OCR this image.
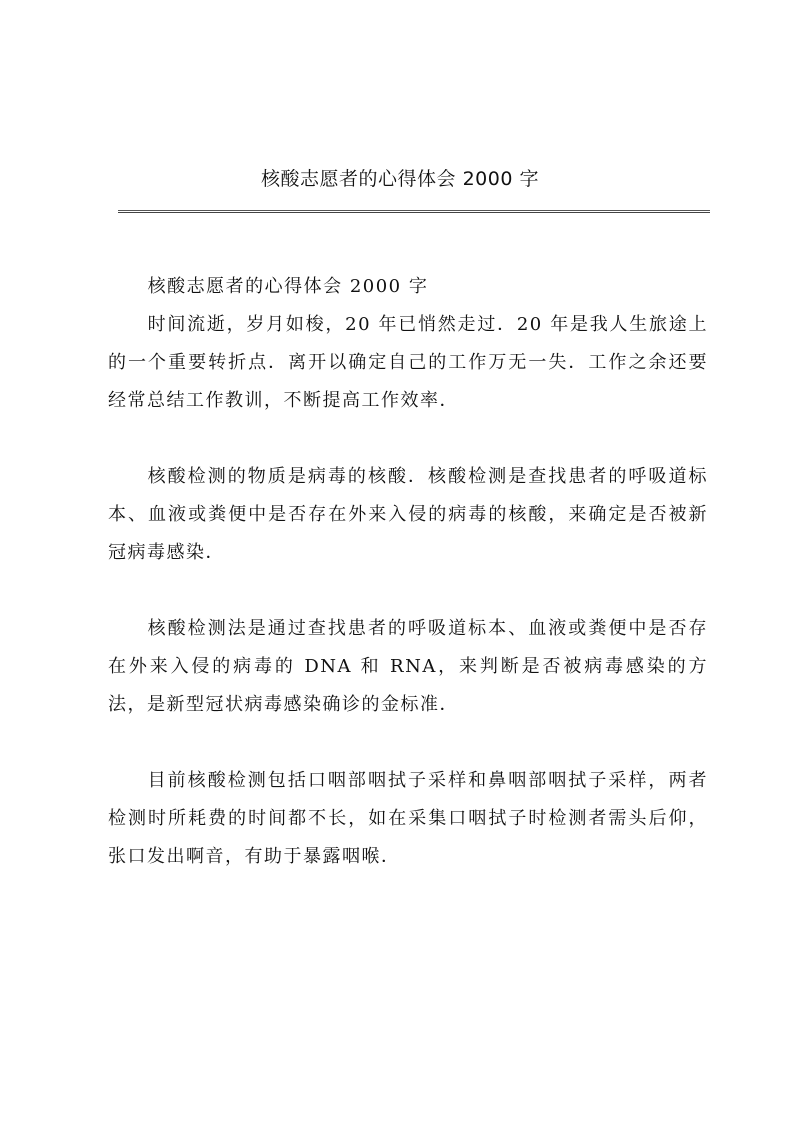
核酸志愿者的心得体会 2000 字

核酸志愿者的心得体会 2000 字

时间流逝，岁月如梭，20 年已悄然走过．20 年是我人生旅途上的一个重要转折点．离开以确定自己的工作万无一失．工作之余还要经常总结工作教训，不断提高工作效率．

核酸检测的物质是病毒的核酸．核酸检测是查找患者的呼吸道标本、血液或粪便中是否存在外来入侵的病毒的核酸，来确定是否被新冠病毒感染．

核酸检测法是通过查找患者的呼吸道标本、血液或粪便中是否存在外来入侵的病毒的 DNA 和 RNA，来判断是否被病毒感染的方法，是新型冠状病毒感染确诊的金标准．

目前核酸检测包括口咽部咽拭子采样和鼻咽部咽拭子采样，两者检测时所耗费的时间都不长，如在采集口咽拭子时检测者需头后仰，张口发出啊音，有助于暴露咽喉．
